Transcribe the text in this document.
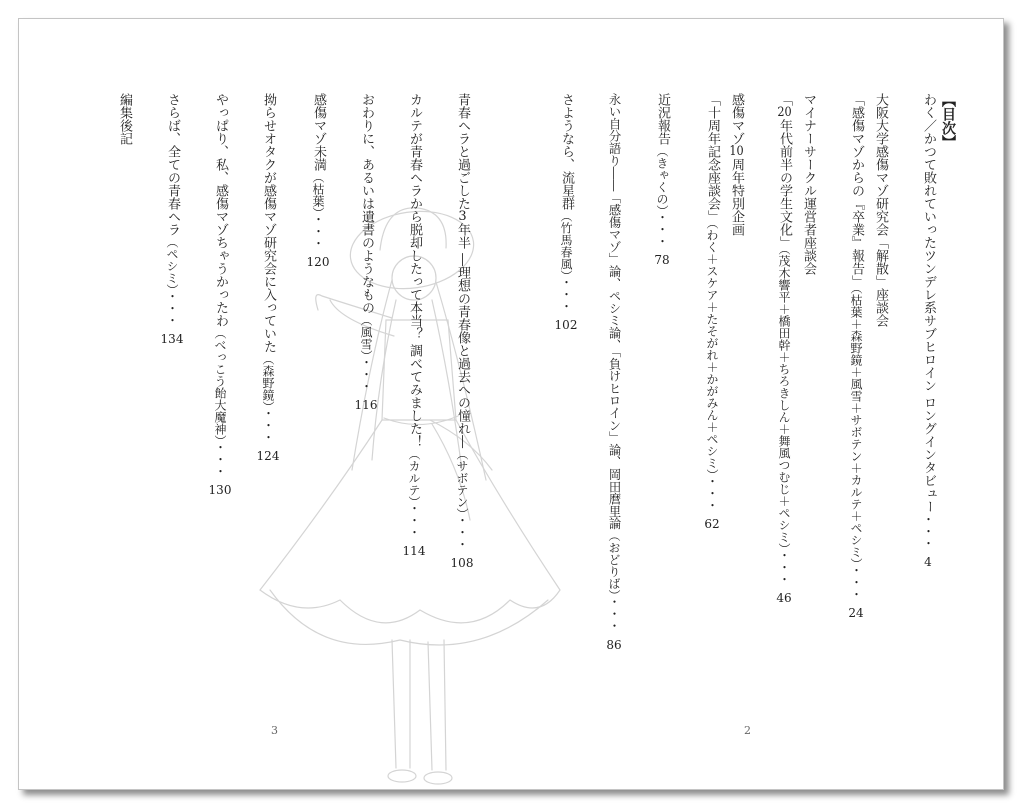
【目次】
わく／かつて敗れていったツンデレ系サブヒロイン ロングインタビュー・・・
4
大阪大学感傷マゾ研究会「解散」座談会
「感傷マゾからの『卒業』報告」（枯葉＋森野鏡＋風雪＋サボテン＋カルテ＋ペシミ）・・・
24
マイナーサークル運営者座談会
「20年代前半の学生文化」（茂木響平＋橋田幹＋ちろきしん＋舞風つむじ＋ペシミ）・・・
46
感傷マゾ10周年特別企画
「十周年記念座談会」（わく＋スケア＋たそがれ＋かがみん＋ペシミ）・・・
62
近況報告（きゃくの）・・・
78
永い自分語り――「感傷マゾ」論、ペシミ論、「負けヒロイン」論、岡田麿里論（おどりば）・・・
86
さようなら、流星群（竹馬春風）・・・
102
青春ヘラと過ごした3年半 ―理想の青春像と過去への憧れ―（サボテン）・・・
108
カルテが青春ヘラから脱却したって本当？ 調べてみました！（カルテ）・・・
114
おわりに、あるいは遺書のようなもの（風雪）・・・
116
感傷マゾ未満（枯葉）・・・
120
拗らせオタクが感傷マゾ研究会に入っていた（森野鏡）・・・
124
やっぱり、私、感傷マゾちゃうかったわ（べっこう飴大魔神）・・・
130
さらば、全ての青春ヘラ（ペシミ）・・・
134
編集後記
3	2
